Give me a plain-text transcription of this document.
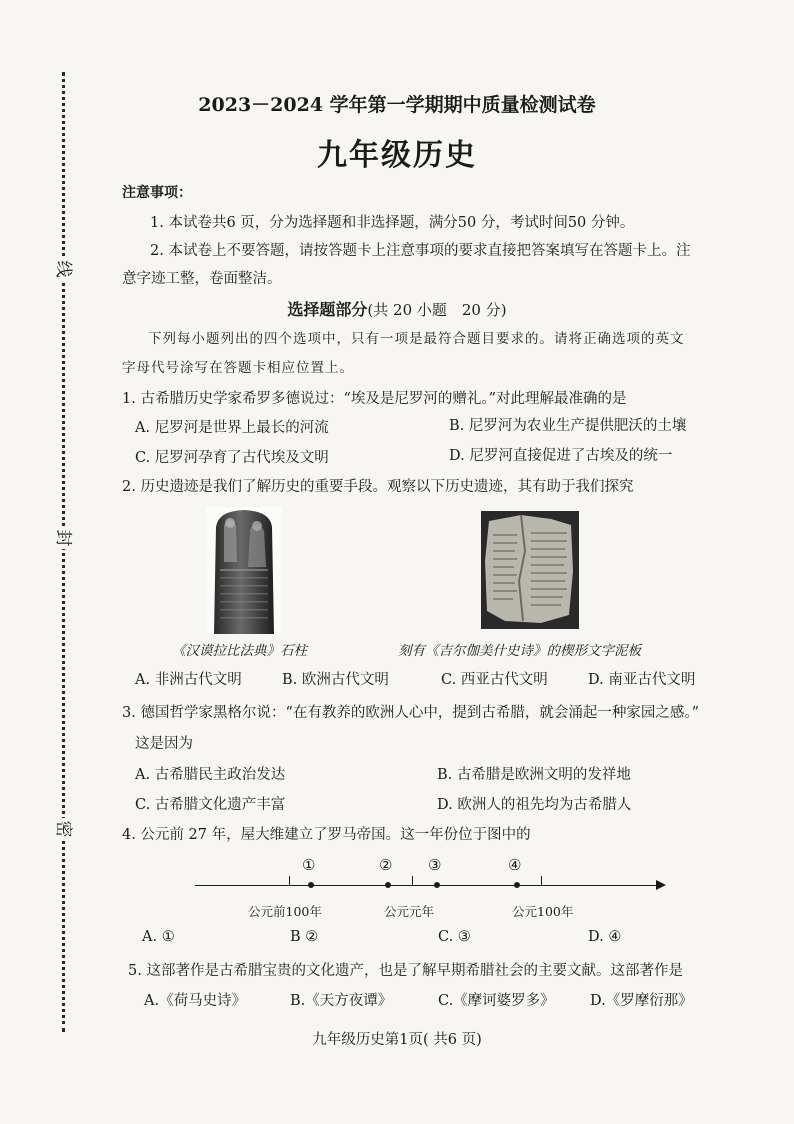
线
封
密
2023－2024 学年第一学期期中质量检测试卷
九年级历史
注意事项：
1. 本试卷共6 页，分为选择题和非选择题，满分50 分，考试时间50 分钟。
2. 本试卷上不要答题，请按答题卡上注意事项的要求直接把答案填写在答题卡上。注
意字迹工整，卷面整洁。
选择题部分(共 20 小题　20 分)
下列每小题列出的四个选项中，只有一项是最符合题目要求的。请将正确选项的英文
字母代号涂写在答题卡相应位置上。
1. 古希腊历史学家希罗多德说过：“埃及是尼罗河的赠礼。”对此理解最准确的是
A. 尼罗河是世界上最长的河流	B. 尼罗河为农业生产提供肥沃的土壤
C. 尼罗河孕育了古代埃及文明	D. 尼罗河直接促进了古埃及的统一
2. 历史遗迹是我们了解历史的重要手段。观察以下历史遗迹，其有助于我们探究
《汉谟拉比法典》石柱	刻有《吉尔伽美什史诗》的楔形文字泥板
A. 非洲古代文明	B. 欧洲古代文明	C. 西亚古代文明	D. 南亚古代文明
3. 德国哲学家黑格尔说：“在有教养的欧洲人心中，提到古希腊，就会涌起一种家园之感。”
这是因为
A. 古希腊民主政治发达	B. 古希腊是欧洲文明的发祥地
C. 古希腊文化遗产丰富	D. 欧洲人的祖先均为古希腊人
4. 公元前 27 年，屋大维建立了罗马帝国。这一年份位于图中的
①	② ③	④
公元前100年	公元元年	公元100年
A. ①	B ②	C. ③	D. ④
5. 这部著作是古希腊宝贵的文化遗产，也是了解早期希腊社会的主要文献。这部著作是
A.《荷马史诗》	B.《天方夜谭》	C.《摩诃婆罗多》 D.《罗摩衍那》
九年级历史第1页( 共6 页)
